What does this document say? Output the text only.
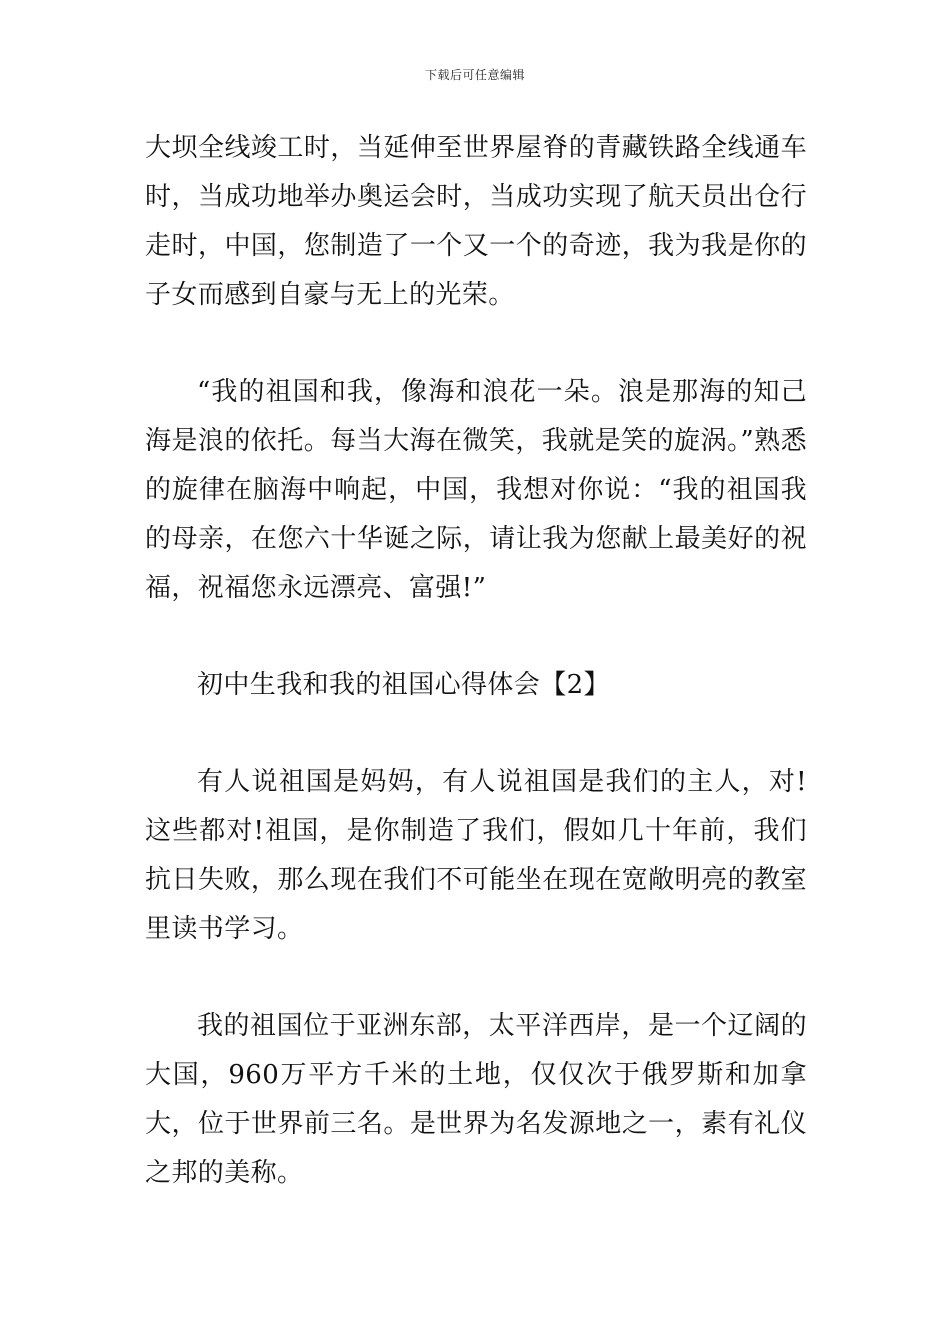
下载后可任意编辑

大坝全线竣工时，当延伸至世界屋脊的青藏铁路全线通车时，当成功地举办奥运会时，当成功实现了航天员出仓行走时，中国，您制造了一个又一个的奇迹，我为我是你的子女而感到自豪与无上的光荣。

“我的祖国和我，像海和浪花一朵。浪是那海的知己海是浪的依托。每当大海在微笑，我就是笑的旋涡。”熟悉的旋律在脑海中响起，中国，我想对你说：“我的祖国我的母亲，在您六十华诞之际，请让我为您献上最美好的祝福，祝福您永远漂亮、富强!”

初中生我和我的祖国心得体会【2】

有人说祖国是妈妈，有人说祖国是我们的主人，对!这些都对!祖国，是你制造了我们，假如几十年前，我们抗日失败，那么现在我们不可能坐在现在宽敞明亮的教室里读书学习。

我的祖国位于亚洲东部，太平洋西岸，是一个辽阔的大国，960万平方千米的土地，仅仅次于俄罗斯和加拿大，位于世界前三名。是世界为名发源地之一，素有礼仪之邦的美称。
